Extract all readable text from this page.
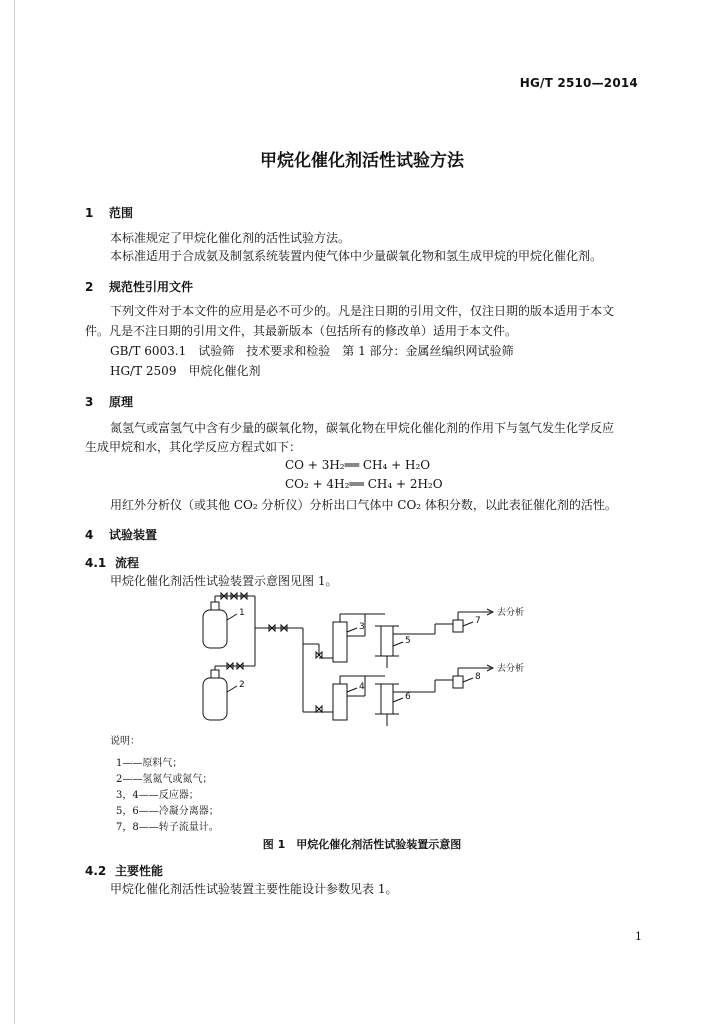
HG/T 2510—2014
甲烷化催化剂活性试验方法
1 范围
本标准规定了甲烷化催化剂的活性试验方法。
本标准适用于合成氨及制氢系统装置内使气体中少量碳氧化物和氢生成甲烷的甲烷化催化剂。
2 规范性引用文件
下列文件对于本文件的应用是必不可少的。凡是注日期的引用文件，仅注日期的版本适用于本文
件。凡是不注日期的引用文件，其最新版本（包括所有的修改单）适用于本文件。
GB/T 6003.1　试验筛　技术要求和检验　第 1 部分：金属丝编织网试验筛
HG/T 2509　甲烷化催化剂
3 原理
氮氢气或富氢气中含有少量的碳氧化物，碳氧化物在甲烷化催化剂的作用下与氢气发生化学反应
生成甲烷和水，其化学反应方程式如下：
CO + 3H₂══ CH₄ + H₂O
CO₂ + 4H₂══ CH₄ + 2H₂O
用红外分析仪（或其他 CO₂ 分析仪）分析出口气体中 CO₂ 体积分数，以此表征催化剂的活性。
4 试验装置
4.1 流程
甲烷化催化剂活性试验装置示意图见图 1。
1
2
3
4
5
6
7
8
去分析
去分析
说明：
1——原料气；
2——氢氮气或氮气；
3，4——反应器；
5，6——冷凝分离器；
7，8——转子流量计。
图 1　甲烷化催化剂活性试验装置示意图
4.2 主要性能
甲烷化催化剂活性试验装置主要性能设计参数见表 1。
1
